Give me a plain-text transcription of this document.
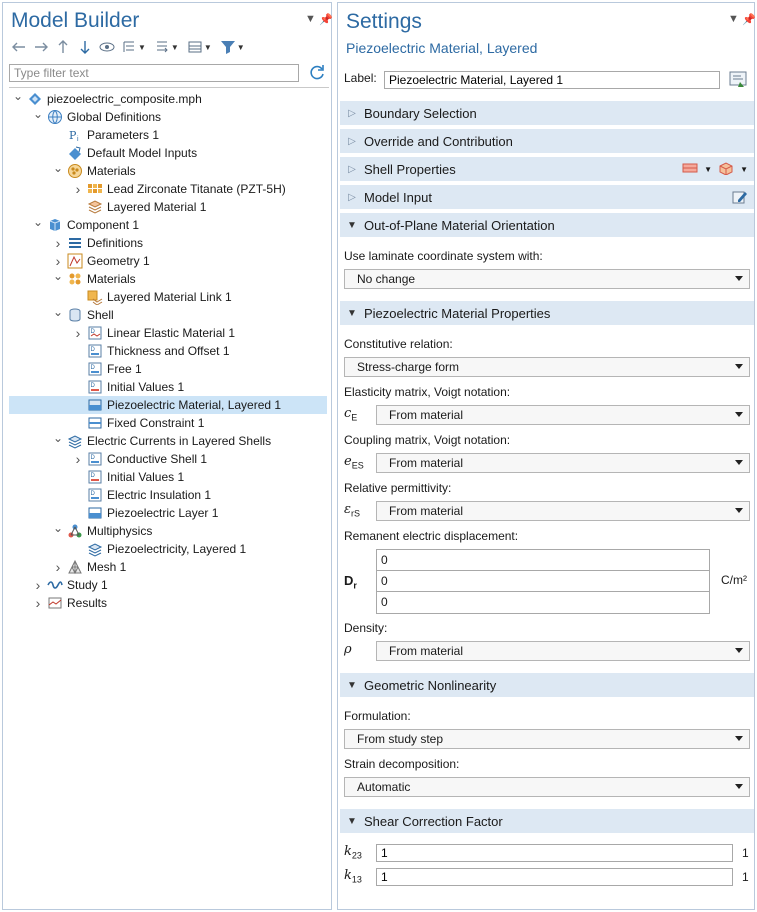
Model Builder	▼ 📌
▼	▼	▼	▼
Type filter text
⌄ piezoelectric_composite.mph
⌄ Global Definitions
P i Parameters 1
Default Model Inputs
⌄ Materials
›	Lead Zirconate Titanate (PZT-5H)
Layered Material 1
⌄ Component 1
›	Definitions
›	Geometry 1
⌄ Materials
Layered Material Link 1
⌄ Shell
›	D Linear Elastic Material 1
D Thickness and Offset 1
D Free 1
D Initial Values 1
Piezoelectric Material, Layered 1
Fixed Constraint 1
⌄ Electric Currents in Layered Shells
›	D Conductive Shell 1
D Initial Values 1
D Electric Insulation 1
Piezoelectric Layer 1
⌄ Multiphysics
Piezoelectricity, Layered 1
›	Mesh 1
›	Study 1
›	Results
Settings	▼ 📌
Piezoelectric Material, Layered
Label:
Piezoelectric Material, Layered 1
▷ Boundary Selection
▷ Override and Contribution
▷ Shell Properties	▼	▼
▷ Model Input
▼ Out-of-Plane Material Orientation
Use laminate coordinate system with:
No change
▼ Piezoelectric Material Properties
Constitutive relation:
Stress-charge form
Elasticity matrix, Voigt notation:
$c_E$	From material
Coupling matrix, Voigt notation:
$e_{ES}$ From material
Relative permittivity:
$\varepsilon_{rS}$ From material
Remanent electric displacement:
$D_r$
0
0
0
C/m²
Density:
ρ	From material
▼ Geometric Nonlinearity
Formulation:
From study step
Strain decomposition:
Automatic
▼ Shear Correction Factor
$k_{23}$
1	1
$k_{13}$
1	1
